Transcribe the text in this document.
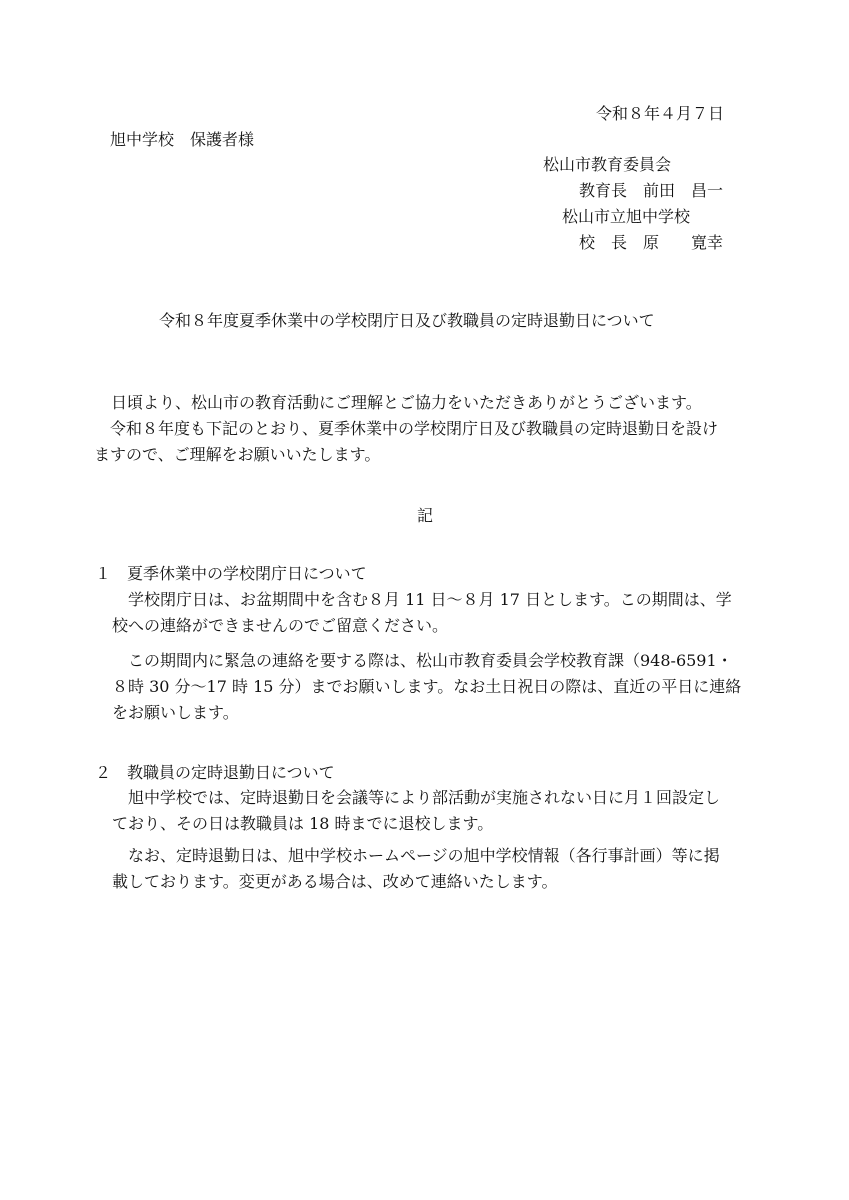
令和８年４月７日

旭中学校　保護者様

松山市教育委員会

教育長　前田　昌一

松山市立旭中学校

校　長　原　　寛幸

令和８年度夏季休業中の学校閉庁日及び教職員の定時退勤日について

日頃より、松山市の教育活動にご理解とご協力をいただきありがとうございます。

令和８年度も下記のとおり、夏季休業中の学校閉庁日及び教職員の定時退勤日を設け

ますので、ご理解をお願いいたします。

記

１　夏季休業中の学校閉庁日について

学校閉庁日は、お盆期間中を含む８月 11 日～８月 17 日とします。この期間は、学

校への連絡ができませんのでご留意ください。

この期間内に緊急の連絡を要する際は、松山市教育委員会学校教育課（948-6591・

８時 30 分～17 時 15 分）までお願いします。なお土日祝日の際は、直近の平日に連絡

をお願いします。

２　教職員の定時退勤日について

旭中学校では、定時退勤日を会議等により部活動が実施されない日に月１回設定し

ており、その日は教職員は 18 時までに退校します。

なお、定時退勤日は、旭中学校ホームページの旭中学校情報（各行事計画）等に掲

載しております。変更がある場合は、改めて連絡いたします。
